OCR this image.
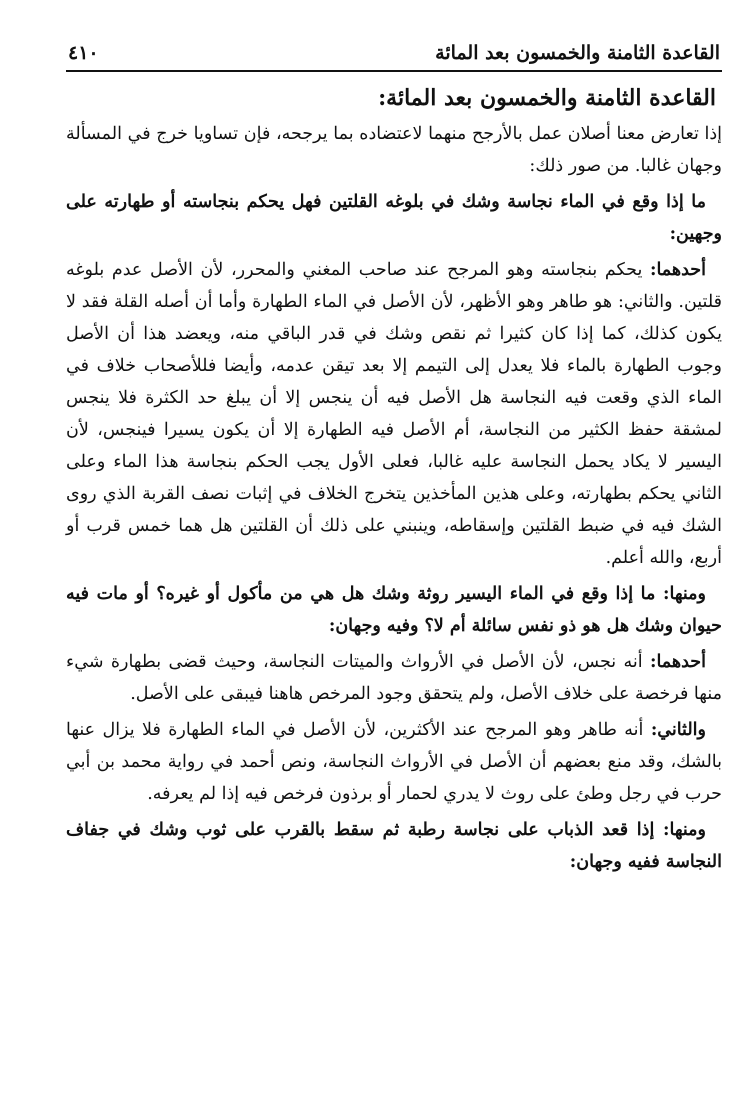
القاعدة الثامنة والخمسون بعد المائة
٤١٠
القاعدة الثامنة والخمسون بعد المائة:

إذا تعارض معنا أصلان عمل بالأرجح منهما لاعتضاده بما يرجحه، فإن تساويا خرج في المسألة وجهان غالبا. من صور ذلك:

ما إذا وقع في الماء نجاسة وشك في بلوغه القلتين فهل يحكم بنجاسته أو طهارته على وجهين:

أحدهما: يحكم بنجاسته وهو المرجح عند صاحب المغني والمحرر، لأن الأصل عدم بلوغه قلتين. والثاني: هو طاهر وهو الأظهر، لأن الأصل في الماء الطهارة وأما أن أصله القلة فقد لا يكون كذلك، كما إذا كان كثيرا ثم نقص وشك في قدر الباقي منه، ويعضد هذا أن الأصل وجوب الطهارة بالماء فلا يعدل إلى التيمم إلا بعد تيقن عدمه، وأيضا فللأصحاب خلاف في الماء الذي وقعت فيه النجاسة هل الأصل فيه أن ينجس إلا أن يبلغ حد الكثرة فلا ينجس لمشقة حفظ الكثير من النجاسة، أم الأصل فيه الطهارة إلا أن يكون يسيرا فينجس، لأن اليسير لا يكاد يحمل النجاسة عليه غالبا، فعلى الأول يجب الحكم بنجاسة هذا الماء وعلى الثاني يحكم بطهارته، وعلى هذين المأخذين يتخرج الخلاف في إثبات نصف القربة الذي روى الشك فيه في ضبط القلتين وإسقاطه، وينبني على ذلك أن القلتين هل هما خمس قرب أو أربع، والله أعلم.

ومنها: ما إذا وقع في الماء اليسير روثة وشك هل هي من مأكول أو غيره؟ أو مات فيه حيوان وشك هل هو ذو نفس سائلة أم لا؟ وفيه وجهان:

أحدهما: أنه نجس، لأن الأصل في الأرواث والميتات النجاسة، وحيث قضى بطهارة شيء منها فرخصة على خلاف الأصل، ولم يتحقق وجود المرخص هاهنا فيبقى على الأصل.

والثاني: أنه طاهر وهو المرجح عند الأكثرين، لأن الأصل في الماء الطهارة فلا يزال عنها بالشك، وقد منع بعضهم أن الأصل في الأرواث النجاسة، ونص أحمد في رواية محمد بن أبي حرب في رجل وطئ على روث لا يدري لحمار أو برذون فرخص فيه إذا لم يعرفه.

ومنها: إذا قعد الذباب على نجاسة رطبة ثم سقط بالقرب على ثوب وشك في جفاف النجاسة ففيه وجهان:
